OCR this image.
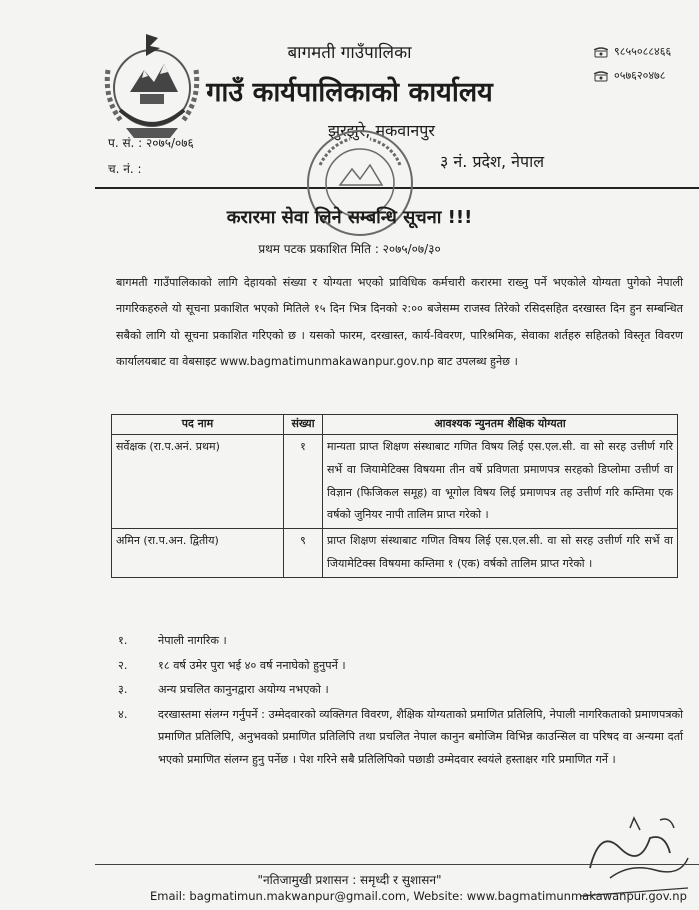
बागमती गाउँपालिका
गाउँ कार्यपालिकाको कार्यालय
झुरझुरे, मकवानपुर
३ नं. प्रदेश, नेपाल
प. सं. : २०७५/०७६
च. नं. :
९८५५०८८४६६
०५७६२०४७८
करारमा सेवा लिने सम्बन्धि सूचना !!!
प्रथम पटक प्रकाशित मिति : २०७५/०७/३०
बागमती गाउँपालिकाको लागि देहायको संख्या र योग्यता भएको प्राविधिक कर्मचारी करारमा राख्नु पर्ने भएकोले योग्यता पुगेको नेपाली नागरिकहरुले यो सूचना प्रकाशित भएको मितिले १५ दिन भित्र दिनको २:०० बजेसम्म राजस्व तिरेको रसिदसहित दरखास्त दिन हुन सम्बन्धित सबैको लागि यो सूचना प्रकाशित गरिएको छ । यसको फारम, दरखास्त, कार्य-विवरण, पारिश्रमिक, सेवाका शर्तहरु सहितको विस्तृत विवरण कार्यालयबाट वा वेबसाइट www.bagmatimunmakawanpur.gov.np बाट उपलब्ध हुनेछ ।
पद नाम	संख्या	आवश्यक न्युनतम शैक्षिक योग्यता
सर्वेक्षक (रा.प.अनं. प्रथम)	१	मान्यता प्राप्त शिक्षण संस्थाबाट गणित विषय लिई एस.एल.सी. वा सो सरह उत्तीर्ण गरि सर्भे वा जियामेटिक्स विषयमा तीन वर्षे प्रविणता प्रमाणपत्र सरहको डिप्लोमा उत्तीर्ण वा विज्ञान (फिजिकल समूह) वा भूगोल विषय लिई प्रमाणपत्र तह उत्तीर्ण गरि कम्तिमा एक वर्षको जुनियर नापी तालिम प्राप्त गरेको ।
अमिन (रा.प.अन. द्वितीय)	९	प्राप्त शिक्षण संस्थाबाट गणित विषय लिई एस.एल.सी. वा सो सरह उत्तीर्ण गरि सर्भे वा जियामेटिक्स विषयमा कम्तिमा १ (एक) वर्षको तालिम प्राप्त गरेको ।
१.	नेपाली नागरिक ।
२.	१८ वर्ष उमेर पुरा भई ४० वर्ष ननाघेको हुनुपर्ने ।
३.	अन्य प्रचलित कानुनद्वारा अयोग्य नभएको ।
४.	दरखास्तमा संलग्न गर्नुपर्ने : उम्मेदवारको व्यक्तिगत विवरण, शैक्षिक योग्यताको प्रमाणित प्रतिलिपि, नेपाली नागरिकताको प्रमाणपत्रको प्रमाणित प्रतिलिपि, अनुभवको प्रमाणित प्रतिलिपि तथा प्रचलित नेपाल कानुन बमोजिम विभिन्न काउन्सिल वा परिषद वा अन्यमा दर्ता भएको प्रमाणित संलग्न हुनु पर्नेछ । पेश गरिने सबै प्रतिलिपिको पछाडी उम्मेदवार स्वयंले हस्ताक्षर गरि प्रमाणित गर्ने ।
"नतिजामुखी प्रशासन : समृध्दी र सुशासन"
Email: bagmatimun.makwanpur@gmail.com, Website: www.bagmatimunmakawanpur.gov.np
